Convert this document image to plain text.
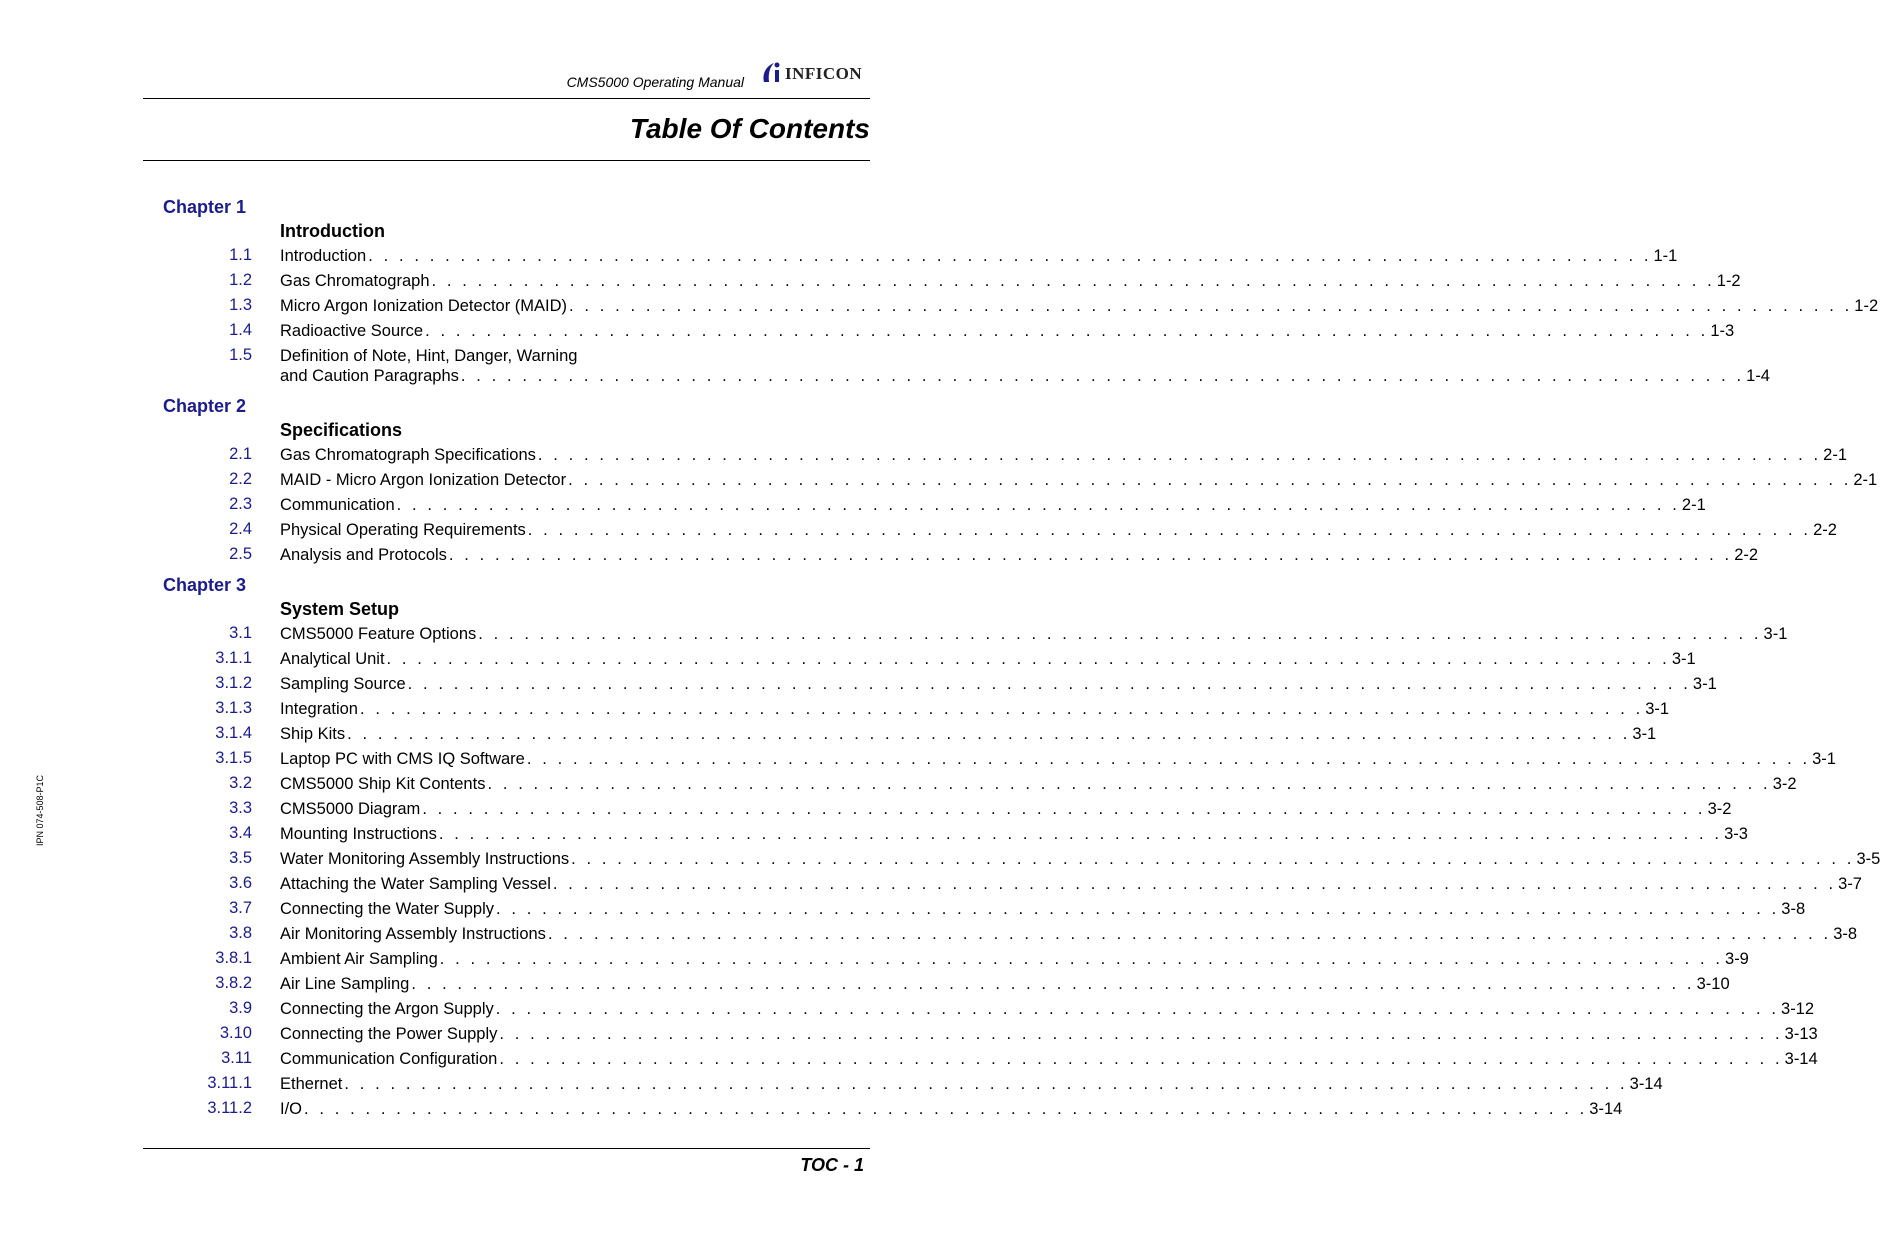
CMS5000 Operating Manual INFICON
Table Of Contents
Chapter 1
Introduction
1.1 Introduction . . . . . . . . . . . . . . . . . . . . . . . . . . . . . . . . . . . . . . . . . . . . . . . . . . . . . . . . . . . . . . . . . . . . . . . . . . . . . . . . . . . . 1-1
1.2 Gas Chromatograph . . . . . . . . . . . . . . . . . . . . . . . . . . . . . . . . . . . . . . . . . . . . . . . . . . . . . . . . . . . . . . . . . . . . . . . . . . . . . . . . . . . . 1-2
1.3 Micro Argon Ionization Detector (MAID) . . . . . . . . . . . . . . . . . . . . . . . . . . . . . . . . . . . . . . . . . . . . . . . . . . . . . . . . . . . . . . . . . . . . . . . . . . . . . . . . . . . . 1-2
1.4 Radioactive Source . . . . . . . . . . . . . . . . . . . . . . . . . . . . . . . . . . . . . . . . . . . . . . . . . . . . . . . . . . . . . . . . . . . . . . . . . . . . . . . . . . . . 1-3
1.5 Definition of Note, Hint, Danger, Warning
and Caution Paragraphs . . . . . . . . . . . . . . . . . . . . . . . . . . . . . . . . . . . . . . . . . . . . . . . . . . . . . . . . . . . . . . . . . . . . . . . . . . . . . . . . . . . . 1-4
Chapter 2
Specifications
2.1 Gas Chromatograph Specifications . . . . . . . . . . . . . . . . . . . . . . . . . . . . . . . . . . . . . . . . . . . . . . . . . . . . . . . . . . . . . . . . . . . . . . . . . . . . . . . . . . . . 2-1
2.2 MAID - Micro Argon Ionization Detector . . . . . . . . . . . . . . . . . . . . . . . . . . . . . . . . . . . . . . . . . . . . . . . . . . . . . . . . . . . . . . . . . . . . . . . . . . . . . . . . . . . . 2-1
2.3 Communication . . . . . . . . . . . . . . . . . . . . . . . . . . . . . . . . . . . . . . . . . . . . . . . . . . . . . . . . . . . . . . . . . . . . . . . . . . . . . . . . . . . . 2-1
2.4 Physical Operating Requirements . . . . . . . . . . . . . . . . . . . . . . . . . . . . . . . . . . . . . . . . . . . . . . . . . . . . . . . . . . . . . . . . . . . . . . . . . . . . . . . . . . . . 2-2
2.5 Analysis and Protocols . . . . . . . . . . . . . . . . . . . . . . . . . . . . . . . . . . . . . . . . . . . . . . . . . . . . . . . . . . . . . . . . . . . . . . . . . . . . . . . . . . . . 2-2
Chapter 3
System Setup
3.1 CMS5000 Feature Options . . . . . . . . . . . . . . . . . . . . . . . . . . . . . . . . . . . . . . . . . . . . . . . . . . . . . . . . . . . . . . . . . . . . . . . . . . . . . . . . . . . . 3-1
3.1.1 Analytical Unit . . . . . . . . . . . . . . . . . . . . . . . . . . . . . . . . . . . . . . . . . . . . . . . . . . . . . . . . . . . . . . . . . . . . . . . . . . . . . . . . . . . . 3-1
3.1.2 Sampling Source . . . . . . . . . . . . . . . . . . . . . . . . . . . . . . . . . . . . . . . . . . . . . . . . . . . . . . . . . . . . . . . . . . . . . . . . . . . . . . . . . . . . 3-1
3.1.3 Integration . . . . . . . . . . . . . . . . . . . . . . . . . . . . . . . . . . . . . . . . . . . . . . . . . . . . . . . . . . . . . . . . . . . . . . . . . . . . . . . . . . . . 3-1
3.1.4 Ship Kits . . . . . . . . . . . . . . . . . . . . . . . . . . . . . . . . . . . . . . . . . . . . . . . . . . . . . . . . . . . . . . . . . . . . . . . . . . . . . . . . . . . . 3-1
3.1.5 Laptop PC with CMS IQ Software . . . . . . . . . . . . . . . . . . . . . . . . . . . . . . . . . . . . . . . . . . . . . . . . . . . . . . . . . . . . . . . . . . . . . . . . . . . . . . . . . . . . 3-1
3.2 CMS5000 Ship Kit Contents . . . . . . . . . . . . . . . . . . . . . . . . . . . . . . . . . . . . . . . . . . . . . . . . . . . . . . . . . . . . . . . . . . . . . . . . . . . . . . . . . . . . 3-2
3.3 CMS5000 Diagram . . . . . . . . . . . . . . . . . . . . . . . . . . . . . . . . . . . . . . . . . . . . . . . . . . . . . . . . . . . . . . . . . . . . . . . . . . . . . . . . . . . . 3-2
3.4 Mounting Instructions . . . . . . . . . . . . . . . . . . . . . . . . . . . . . . . . . . . . . . . . . . . . . . . . . . . . . . . . . . . . . . . . . . . . . . . . . . . . . . . . . . . . 3-3
3.5 Water Monitoring Assembly Instructions . . . . . . . . . . . . . . . . . . . . . . . . . . . . . . . . . . . . . . . . . . . . . . . . . . . . . . . . . . . . . . . . . . . . . . . . . . . . . . . . . . . . 3-5
3.6 Attaching the Water Sampling Vessel . . . . . . . . . . . . . . . . . . . . . . . . . . . . . . . . . . . . . . . . . . . . . . . . . . . . . . . . . . . . . . . . . . . . . . . . . . . . . . . . . . . . 3-7
3.7 Connecting the Water Supply . . . . . . . . . . . . . . . . . . . . . . . . . . . . . . . . . . . . . . . . . . . . . . . . . . . . . . . . . . . . . . . . . . . . . . . . . . . . . . . . . . . . 3-8
3.8 Air Monitoring Assembly Instructions . . . . . . . . . . . . . . . . . . . . . . . . . . . . . . . . . . . . . . . . . . . . . . . . . . . . . . . . . . . . . . . . . . . . . . . . . . . . . . . . . . . . 3-8
3.8.1 Ambient Air Sampling . . . . . . . . . . . . . . . . . . . . . . . . . . . . . . . . . . . . . . . . . . . . . . . . . . . . . . . . . . . . . . . . . . . . . . . . . . . . . . . . . . . . 3-9
3.8.2 Air Line Sampling . . . . . . . . . . . . . . . . . . . . . . . . . . . . . . . . . . . . . . . . . . . . . . . . . . . . . . . . . . . . . . . . . . . . . . . . . . . . . . . . . . . . 3-10
3.9 Connecting the Argon Supply . . . . . . . . . . . . . . . . . . . . . . . . . . . . . . . . . . . . . . . . . . . . . . . . . . . . . . . . . . . . . . . . . . . . . . . . . . . . . . . . . . . . 3-12
3.10 Connecting the Power Supply . . . . . . . . . . . . . . . . . . . . . . . . . . . . . . . . . . . . . . . . . . . . . . . . . . . . . . . . . . . . . . . . . . . . . . . . . . . . . . . . . . . . 3-13
3.11 Communication Configuration . . . . . . . . . . . . . . . . . . . . . . . . . . . . . . . . . . . . . . . . . . . . . . . . . . . . . . . . . . . . . . . . . . . . . . . . . . . . . . . . . . . . 3-14
3.11.1 Ethernet . . . . . . . . . . . . . . . . . . . . . . . . . . . . . . . . . . . . . . . . . . . . . . . . . . . . . . . . . . . . . . . . . . . . . . . . . . . . . . . . . . . . 3-14
3.11.2 I/O . . . . . . . . . . . . . . . . . . . . . . . . . . . . . . . . . . . . . . . . . . . . . . . . . . . . . . . . . . . . . . . . . . . . . . . . . . . . . . . . . . . . 3-14
IPN 074-508-P1C
TOC - 1
